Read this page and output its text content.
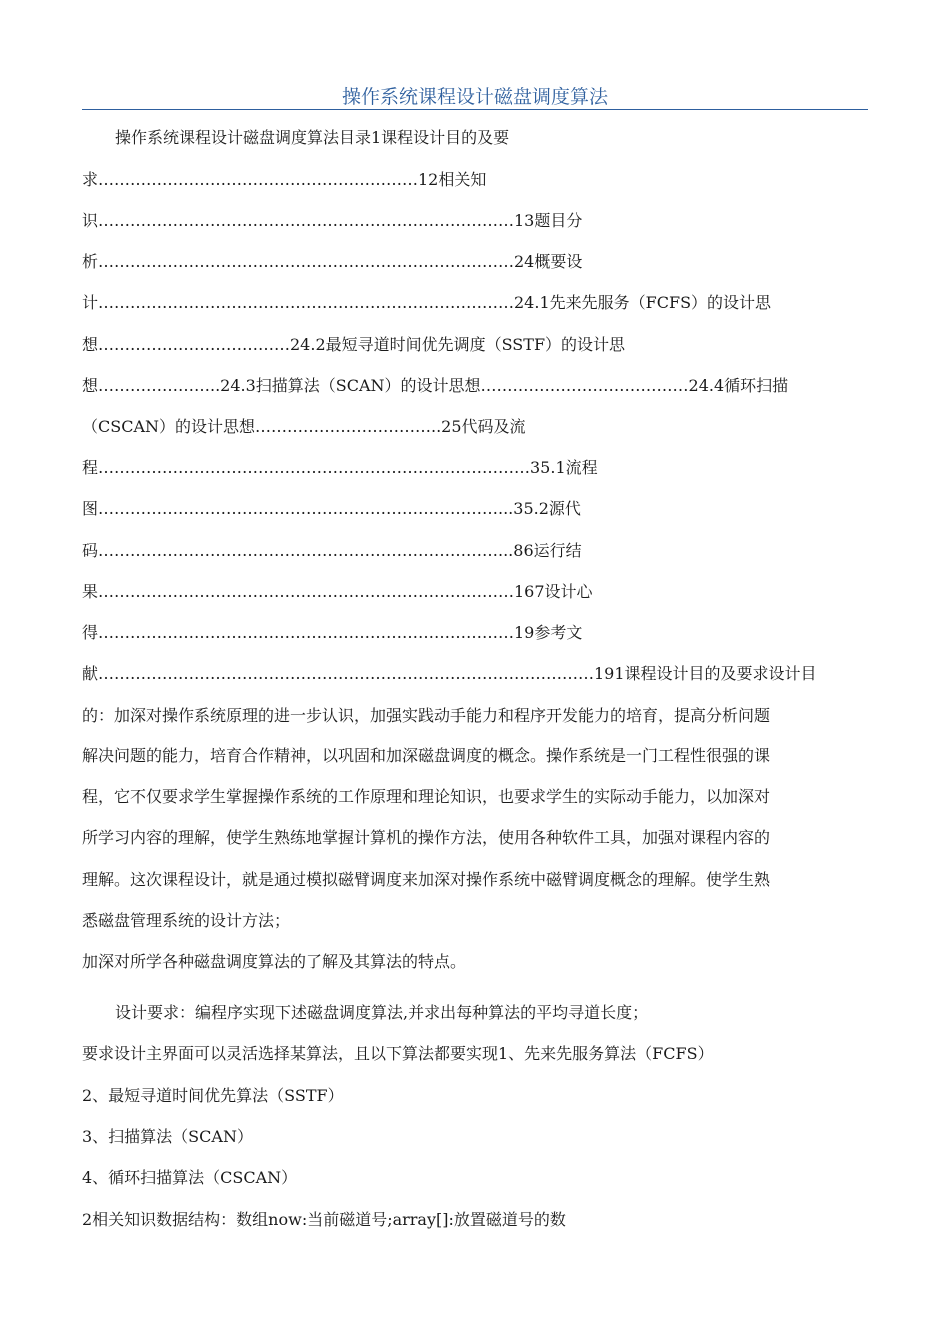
操作系统课程设计磁盘调度算法
操作系统课程设计磁盘调度算法目录1课程设计目的及要
求……………………………………………………12相关知
识……………………………………………………………………13题目分
析……………………………………………………………………24概要设
计……………………………………………………………………24.1先来先服务（FCFS）的设计思
想………………………………24.2最短寻道时间优先调度（SSTF）的设计思
想…………………..24.3扫描算法（SCAN）的设计思想…………………………………24.4循环扫描
（CSCAN）的设计思想……………………………..25代码及流
程………………………………………………………………………35.1流程
图…………………………………………………………………...35.2源代
码…………………………………………………………………...86运行结
果……………………………………………………………………167设计心
得……………………………………………………………………19参考文
献…………………………………………………………………………………191课程设计目的及要求设计目
的：加深对操作系统原理的进一步认识，加强实践动手能力和程序开发能力的培育，提高分析问题
解决问题的能力，培育合作精神，以巩固和加深磁盘调度的概念。操作系统是一门工程性很强的课
程，它不仅要求学生掌握操作系统的工作原理和理论知识，也要求学生的实际动手能力，以加深对
所学习内容的理解，使学生熟练地掌握计算机的操作方法，使用各种软件工具，加强对课程内容的
理解。这次课程设计，就是通过模拟磁臂调度来加深对操作系统中磁臂调度概念的理解。使学生熟
悉磁盘管理系统的设计方法；
加深对所学各种磁盘调度算法的了解及其算法的特点。
设计要求：编程序实现下述磁盘调度算法,并求出每种算法的平均寻道长度；
要求设计主界面可以灵活选择某算法，且以下算法都要实现1、先来先服务算法（FCFS）
2、最短寻道时间优先算法（SSTF）
3、扫描算法（SCAN）
4、循环扫描算法（CSCAN）
2相关知识数据结构：数组now:当前磁道号;array[]:放置磁道号的数
